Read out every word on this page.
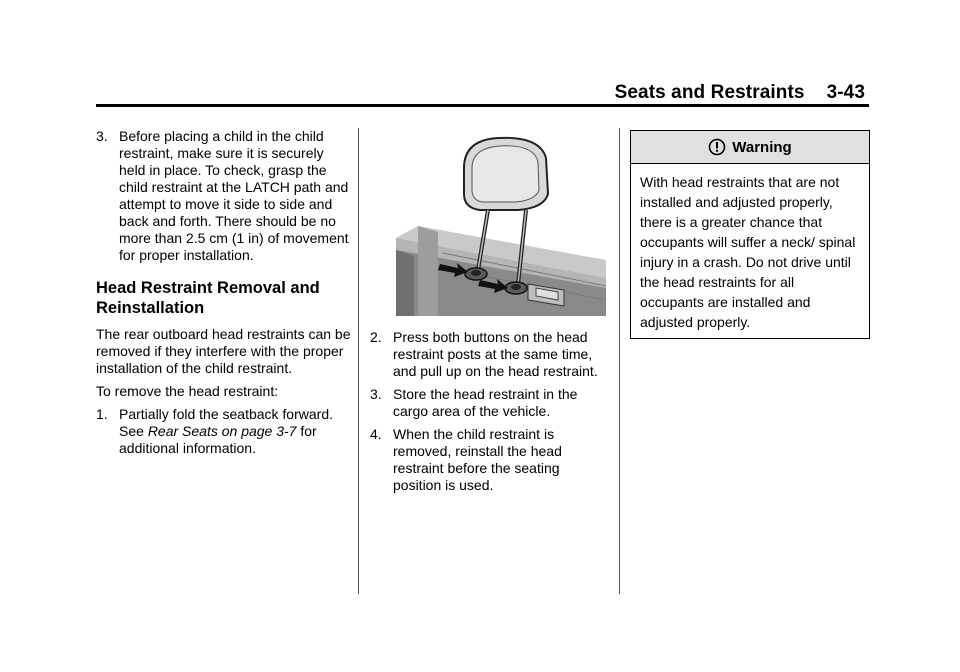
Seats and Restraints 3-43
3. Before placing a child in the child restraint, make sure it is securely held in place. To check, grasp the child restraint at the LATCH path and attempt to move it side to side and back and forth. There should be no more than 2.5 cm (1 in) of movement for proper installation.
Head Restraint Removal and Reinstallation

The rear outboard head restraints can be removed if they interfere with the proper installation of the child restraint.

To remove the head restraint:

1. Partially fold the seatback forward. See Rear Seats on page 3-7 for additional information.
2. Press both buttons on the head restraint posts at the same time, and pull up on the head restraint.
3. Store the head restraint in the cargo area of the vehicle.
4. When the child restraint is removed, reinstall the head restraint before the seating position is used.
Warning
With head restraints that are not installed and adjusted properly, there is a greater chance that occupants will suffer a neck/ spinal injury in a crash. Do not drive until the head restraints for all occupants are installed and adjusted properly.
